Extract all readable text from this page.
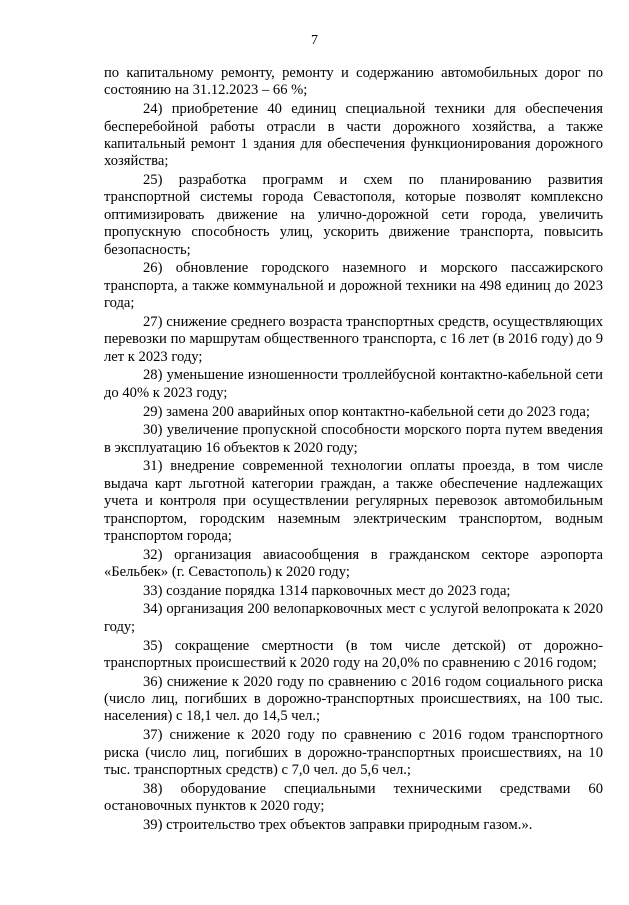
7

по капитальному ремонту, ремонту и содержанию автомобильных дорог по состоянию на 31.12.2023 – 66 %;

24) приобретение 40 единиц специальной техники для обеспечения бесперебойной работы отрасли в части дорожного хозяйства, а также капитальный ремонт 1 здания для обеспечения функционирования дорожного хозяйства;

25) разработка программ и схем по планированию развития транспортной системы города Севастополя, которые позволят комплексно оптимизировать движение на улично-дорожной сети города, увеличить пропускную способность улиц, ускорить движение транспорта, повысить безопасность;

26) обновление городского наземного и морского пассажирского транспорта, а также коммунальной и дорожной техники на 498 единиц до 2023 года;

27) снижение среднего возраста транспортных средств, осуществляющих перевозки по маршрутам общественного транспорта, с 16 лет (в 2016 году) до 9 лет к 2023 году;

28) уменьшение изношенности троллейбусной контактно-кабельной сети до 40% к 2023 году;

29) замена 200 аварийных опор контактно-кабельной сети до 2023 года;

30) увеличение пропускной способности морского порта путем введения в эксплуатацию 16 объектов к 2020 году;

31) внедрение современной технологии оплаты проезда, в том числе выдача карт льготной категории граждан, а также обеспечение надлежащих учета и контроля при осуществлении регулярных перевозок автомобильным транспортом, городским наземным электрическим транспортом, водным транспортом города;

32) организация авиасообщения в гражданском секторе аэропорта «Бельбек» (г. Севастополь) к 2020 году;

33) создание порядка 1314 парковочных мест до 2023 года;

34) организация 200 велопарковочных мест с услугой велопроката к 2020 году;

35) сокращение смертности (в том числе детской) от дорожно-транспортных происшествий к 2020 году на 20,0% по сравнению с 2016 годом;

36) снижение к 2020 году по сравнению с 2016 годом социального риска (число лиц, погибших в дорожно-транспортных происшествиях, на 100 тыс. населения) с 18,1 чел. до 14,5 чел.;

37) снижение к 2020 году по сравнению с 2016 годом транспортного риска (число лиц, погибших в дорожно-транспортных происшествиях, на 10 тыс. транспортных средств) с 7,0 чел. до 5,6 чел.;

38) оборудование специальными техническими средствами 60 остановочных пунктов к 2020 году;

39) строительство трех объектов заправки природным газом.».
